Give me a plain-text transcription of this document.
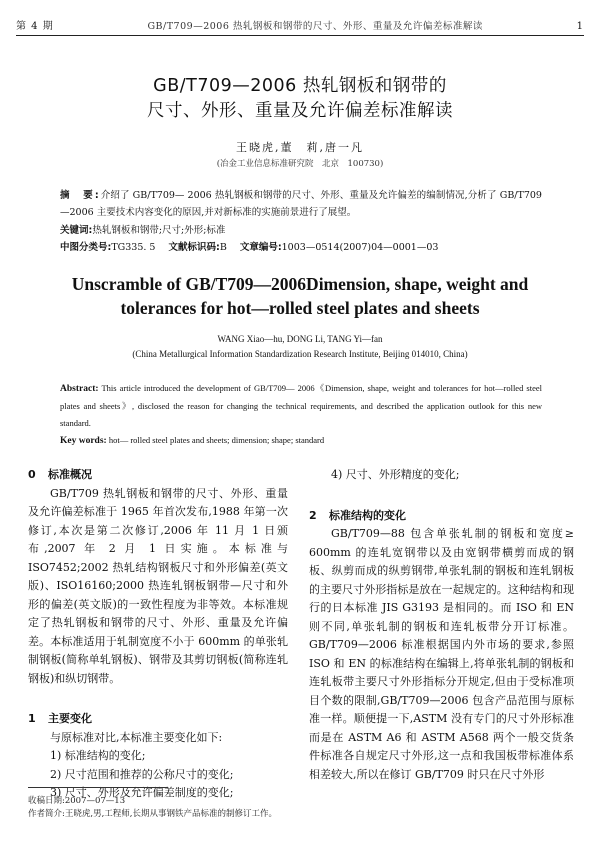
第 4 期	GB/T709—2006 热轧钢板和钢带的尺寸、外形、重量及允许偏差标准解读	1
GB/T709—2006 热轧钢板和钢带的
尺寸、外形、重量及允许偏差标准解读
王晓虎,董　莉,唐一凡
(冶金工业信息标准研究院　北京　100730)
摘　要:介绍了 GB/T709— 2006 热轧钢板和钢带的尺寸、外形、重量及允许偏差的编制情况,分析了 GB/T709 —2006 主要技术内容变化的原因,并对新标准的实施前景进行了展望。
关键词:热轧钢板和钢带;尺寸;外形;标准
中图分类号:TG335. 5 文献标识码:B 文章编号:1003—0514(2007)04—0001—03
Unscramble of GB/T709—2006Dimension, shape, weight and
tolerances for hot—rolled steel plates and sheets
WANG Xiao—hu, DONG Li, TANG Yi—fan
(China Metallurgical Information Standardization Research Institute, Beijing 014010, China)
Abstract: This article introduced the development of GB/T709— 2006《Dimension, shape, weight and tolerances for hot—rolled steel plates and sheets》, disclosed the reason for changing the technical requirements, and described the application outlook for this new standard.
Key words: hot— rolled steel plates and sheets; dimension; shape; standard
0 标准概况

GB/T709 热轧钢板和钢带的尺寸、外形、重量及允许偏差标准于 1965 年首次发布,1988 年第一次修订,本次是第二次修订,2006 年 11 月 1 日颁布,2007 年 2 月 1 日实施。本标准与 ISO7452;2002 热轧结构钢板尺寸和外形偏差(英文版)、ISO16160;2000 热连轧钢板钢带—尺寸和外形的偏差(英文版)的一致性程度为非等效。本标准规定了热轧钢板和钢带的尺寸、外形、重量及允许偏差。本标准适用于轧制宽度不小于 600mm 的单张轧制钢板(简称单轧钢板)、钢带及其剪切钢板(简称连轧钢板)和纵切钢带。

1 主要变化

与原标准对比,本标准主要变化如下:

1) 标准结构的变化;

2) 尺寸范围和推荐的公称尺寸的变化;

3) 尺寸、外形及允许偏差制度的变化;

4) 尺寸、外形精度的变化;

2 标准结构的变化

GB/T709—88 包含单张轧制的钢板和宽度≥ 600mm 的连轧宽钢带以及由宽钢带横剪而成的钢板、纵剪而成的纵剪钢带,单张轧制的钢板和连轧钢板的主要尺寸外形指标是放在一起规定的。这种结构和现行的日本标准 JIS G3193 是相同的。而 ISO 和 EN 则不同,单张轧制的钢板和连轧板带分开订标准。GB/T709—2006 标准根据国内外市场的要求,参照 ISO 和 EN 的标准结构在编辑上,将单张轧制的钢板和连轧板带主要尺寸外形指标分开规定,但由于受标准项目个数的限制,GB/T709—2006 包含产品范围与原标准一样。顺便提一下,ASTM 没有专门的尺寸外形标准而是在 ASTM A6 和 ASTM A568 两个一般交货条件标准各自规定尺寸外形,这一点和我国板带标准体系相差较大,所以在修订 GB/T709 时只在尺寸外形

收稿日期:2007—07—13
作者简介:王晓虎,男,工程师,长期从事钢铁产品标准的制修订工作。
